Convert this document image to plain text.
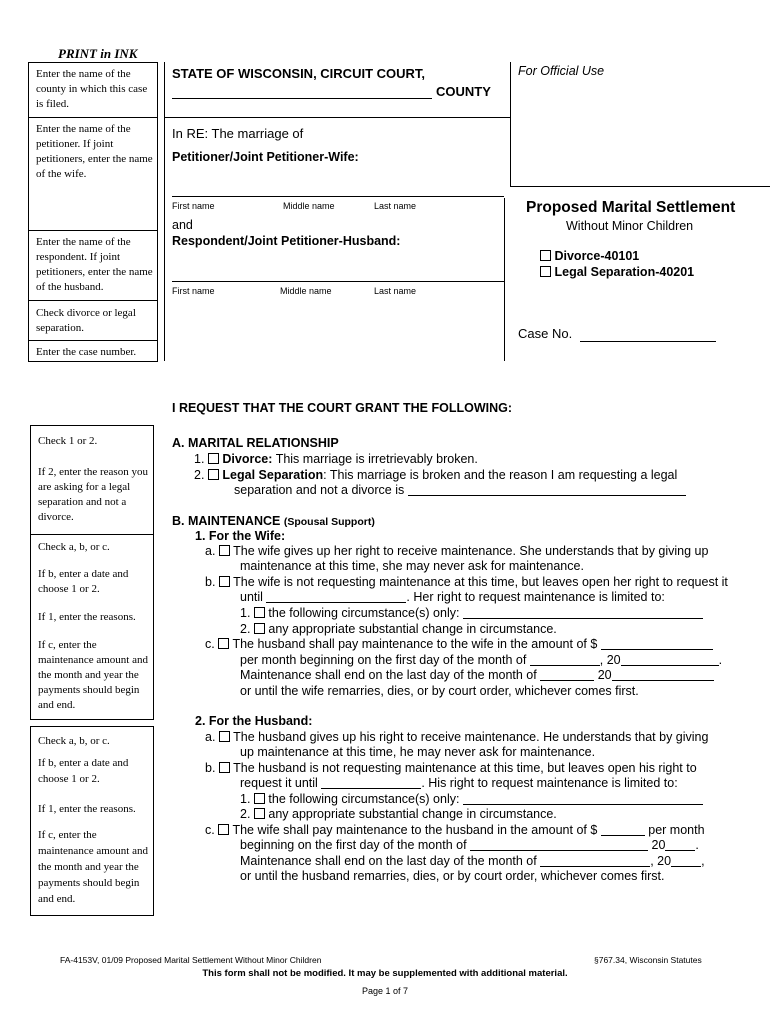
PRINT in INK
Enter the name of the county in which this case is filed.
Enter the name of the petitioner. If joint petitioners, enter the name of the wife.
Enter the name of the respondent. If joint petitioners, enter the name of the husband.
Check divorce or legal separation.
Enter the case number.
Check 1 or 2.
If 2, enter the reason you are asking for a legal separation and not a divorce.
Check a, b, or c.
If b, enter a date and choose 1 or 2.
If 1, enter the reasons.
If c, enter the maintenance amount and the month and year the payments should begin and end.
Check a, b, or c.
If b, enter a date and choose 1 or 2.
If 1, enter the reasons.
If c, enter the maintenance amount and the month and year the payments should begin and end.
STATE OF WISCONSIN, CIRCUIT COURT,
COUNTY
For Official Use
In RE: The marriage of
Petitioner/Joint Petitioner-Wife:
First name	Middle name	Last name
and
Respondent/Joint Petitioner-Husband:
First name	Middle name	Last name
Proposed Marital Settlement
Without Minor Children
Divorce-40101
Legal Separation-40201
Case No.
I REQUEST THAT THE COURT GRANT THE FOLLOWING:
A. MARITAL RELATIONSHIP
1. Divorce: This marriage is irretrievably broken.
2. Legal Separation: This marriage is broken and the reason I am requesting a legal
separation and not a divorce is
B. MAINTENANCE (Spousal Support)
1. For the Wife:
a. The wife gives up her right to receive maintenance. She understands that by giving up
maintenance at this time, she may never ask for maintenance.
b. The wife is not requesting maintenance at this time, but leaves open her right to request it
until	. Her right to request maintenance is limited to:
1. the following circumstance(s) only:
2. any appropriate substantial change in circumstance.
c. The husband shall pay maintenance to the wife in the amount of $
per month beginning on the first day of the month of	, 20	.
Maintenance shall end on the last day of the month of	20
or until the wife remarries, dies, or by court order, whichever comes first.
2. For the Husband:
a. The husband gives up his right to receive maintenance. He understands that by giving
up maintenance at this time, he may never ask for maintenance.
b. The husband is not requesting maintenance at this time, but leaves open his right to
request it until	. His right to request maintenance is limited to:
1. the following circumstance(s) only:
2. any appropriate substantial change in circumstance.
c. The wife shall pay maintenance to the husband in the amount of $	per month
beginning on the first day of the month of	20 .
Maintenance shall end on the last day of the month of	, 20 ,
or until the husband remarries, dies, or by court order, whichever comes first.
FA-4153V, 01/09 Proposed Marital Settlement Without Minor Children	§767.34, Wisconsin Statutes
This form shall not be modified. It may be supplemented with additional material.
Page 1 of 7
